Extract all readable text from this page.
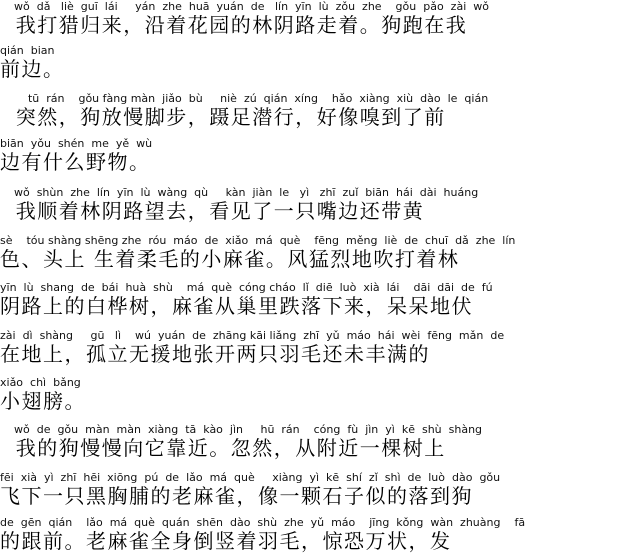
wǒ  dǎ   liè  guī  lái     yán  zhe  huā  yuán  de   lín  yīn  lù  zǒu  zhe    gǒu  pǎo  zài  wǒ
我打猎归来，沿着花园的林阴路走着。狗跑在我
qián  bian
前边。
tū  rán    gǒu fàng màn  jiǎo  bù     niè  zú  qián  xíng    hǎo  xiàng  xiù  dào  le  qián
突然，狗放慢脚步，蹑足潜行，好像嗅到了前
biān  yǒu  shén  me  yě  wù
边有什么野物。
wǒ  shùn  zhe  lín  yīn  lù  wàng  qù     kàn  jiàn  le   yì   zhī  zuǐ  biān  hái  dài  huáng
我顺着林阴路望去，看见了一只嘴边还带黄
sè    tóu shàng shēng zhe  róu  máo  de  xiǎo  má  què    fēng  měng  liè  de  chuī  dǎ  zhe  lín
色、头上 生着柔毛的小麻雀。风猛烈地吹打着林
yīn  lù  shang  de  bái  huà  shù    má  què  cóng cháo  lǐ  diē  luò  xià  lái    dāi  dāi  de  fú
阴路上的白桦树，麻雀从巢里跌落下来，呆呆地伏
zài  dì  shàng     gū   lì    wú  yuán  de  zhāng kāi liǎng  zhī  yǔ  máo  hái  wèi  fēng  mǎn  de
在地上，孤立无援地张开两只羽毛还未丰满的
xiǎo  chì  bǎng
小翅膀。
wǒ  de  gǒu  màn  màn  xiàng  tā  kào  jìn     hū  rán    cóng  fù  jìn  yì  kē  shù  shàng
我的狗慢慢向它靠近。忽然，从附近一棵树上
fēi  xià  yì  zhī  hēi  xiōng  pú  de  lǎo  má  què     xiàng  yì  kē  shí  zǐ  shì  de  luò  dào  gǒu
飞下一只黑胸脯的老麻雀，像一颗石子似的落到狗
de  gēn  qián    lǎo  má  què  quán  shēn  dào  shù  zhe  yǔ  máo    jīng  kǒng  wàn  zhuàng    fā
的跟前。老麻雀全身倒竖着羽毛，惊恐万状，发
